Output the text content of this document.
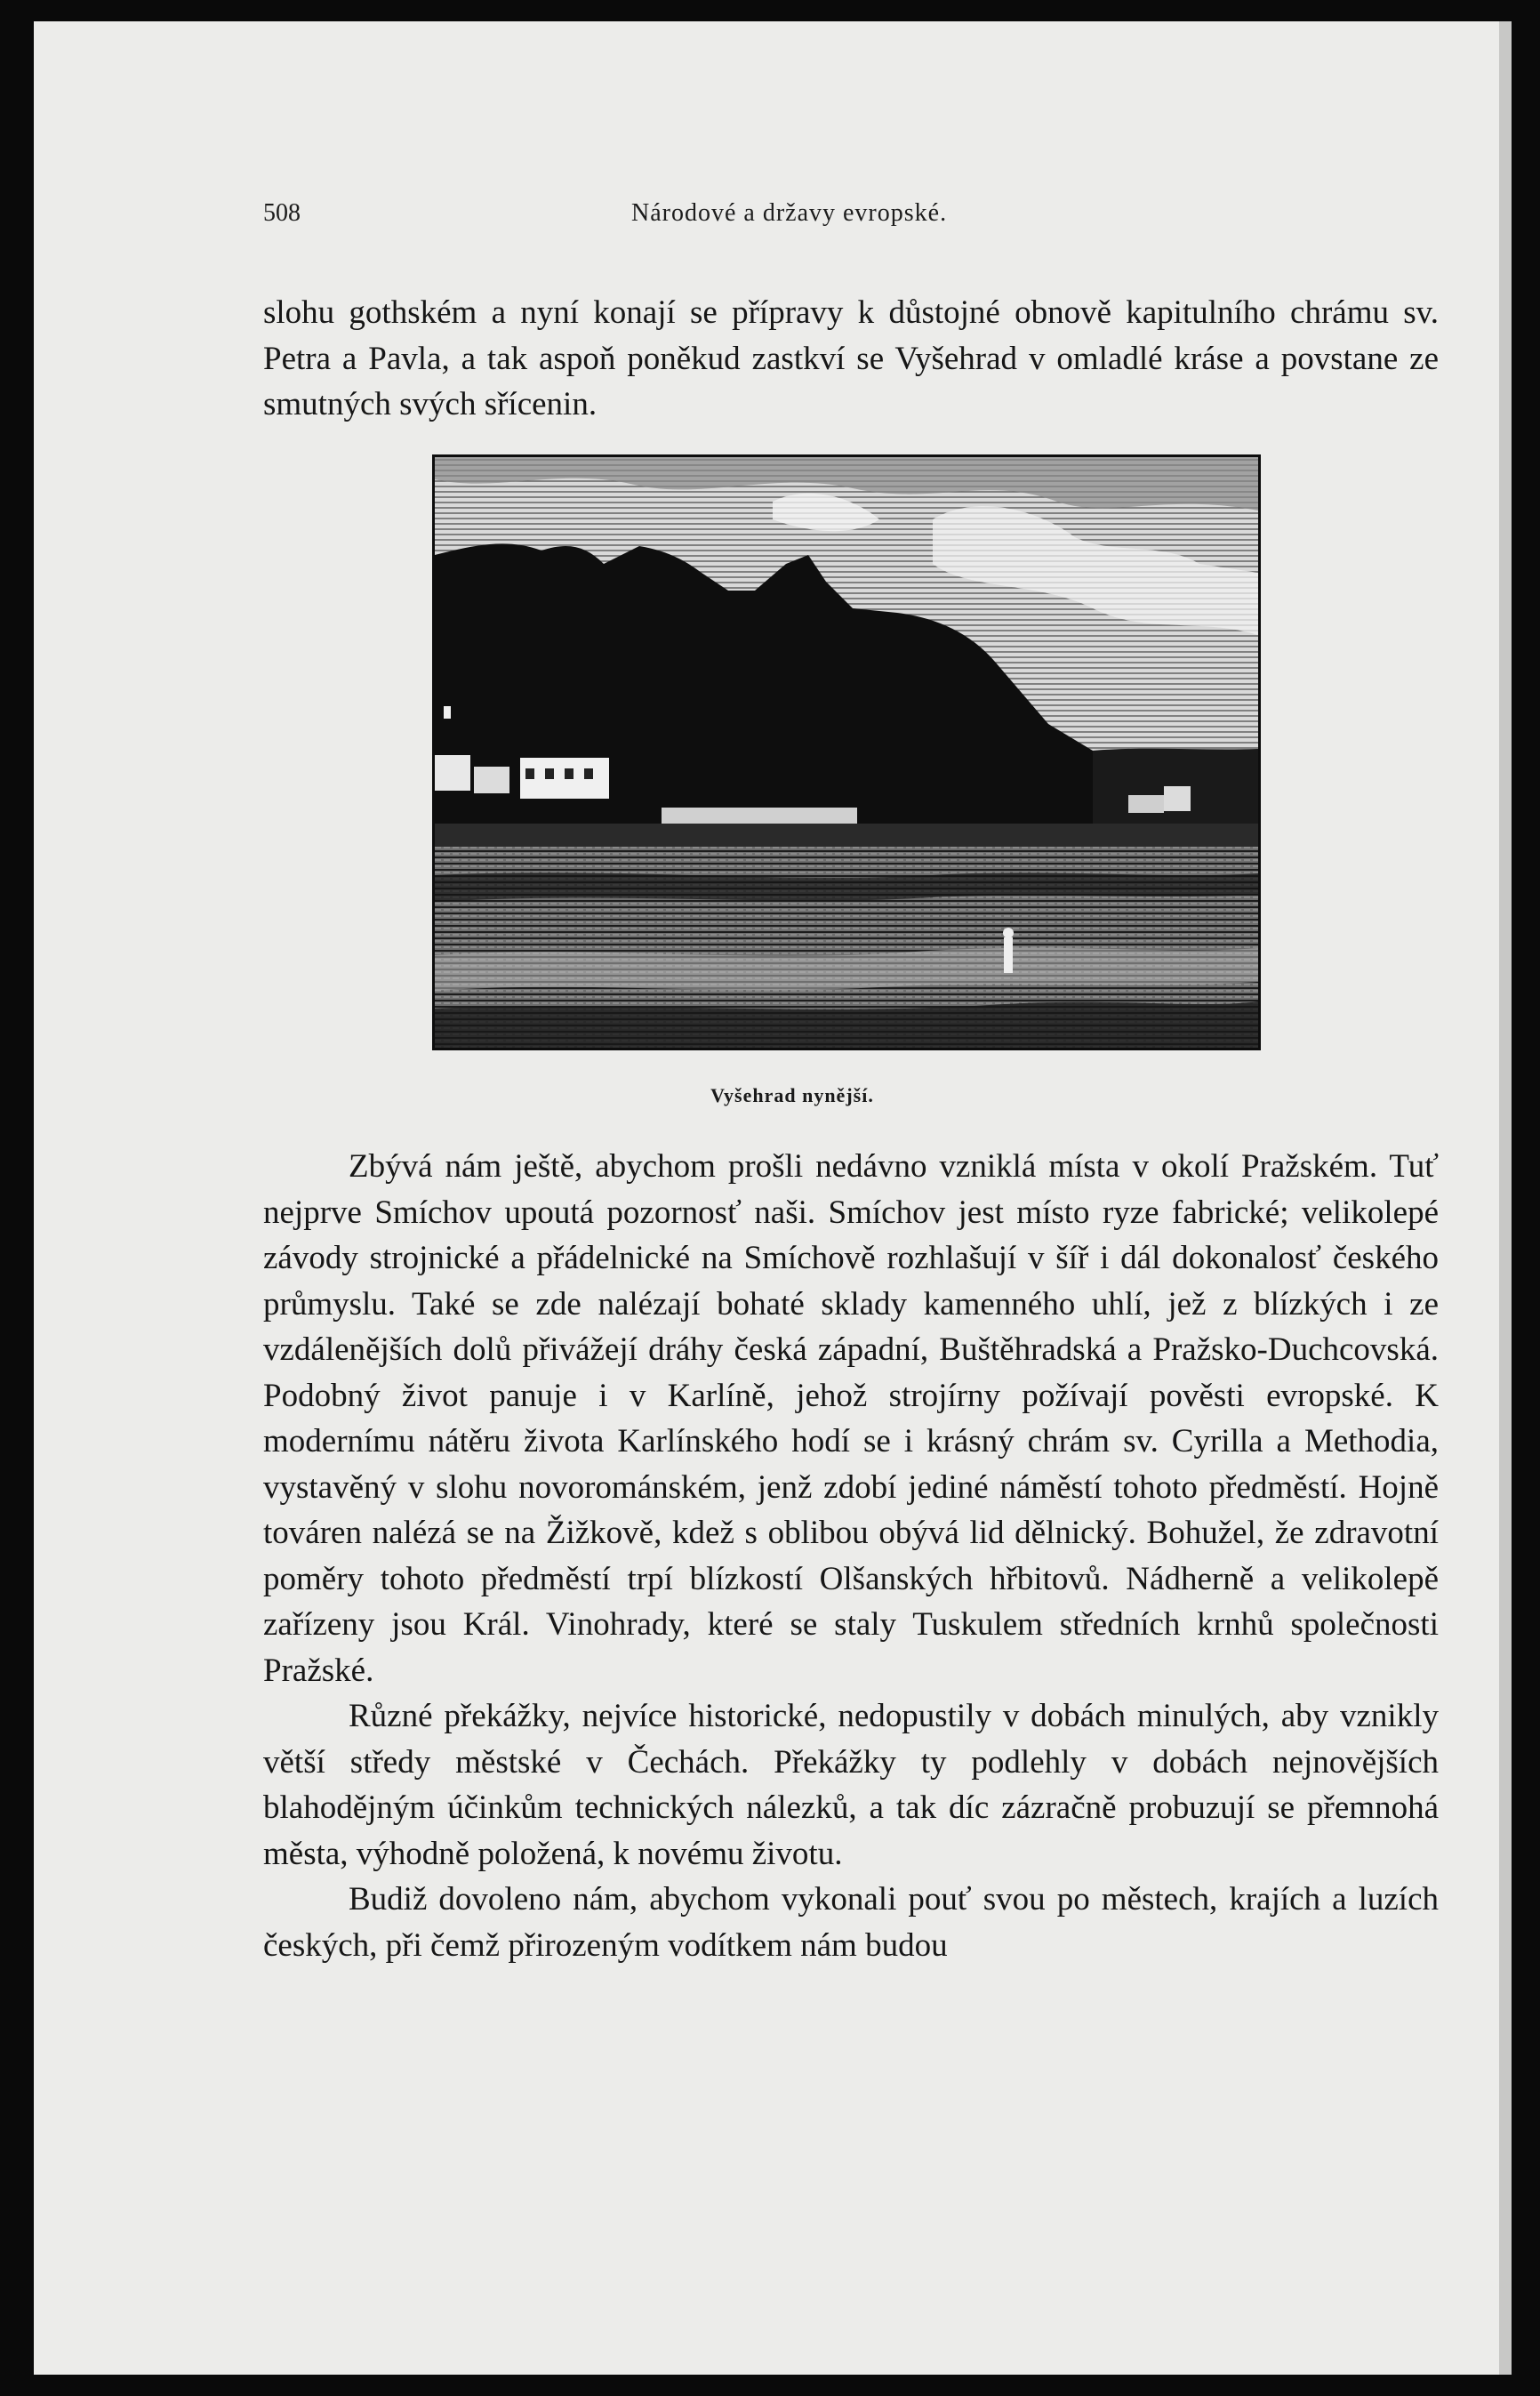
508	Národové a državy evropské.

slohu gothském a nyní konají se přípravy k důstojné obnově kapitulního chrámu sv. Petra a Pavla, a tak aspoň poněkud zastkví se Vyšehrad v omladlé kráse a povstane ze smutných svých sřícenin.

Vyšehrad nynější.

Zbývá nám ještě, abychom prošli nedávno vzniklá místa v okolí Pražském. Tuť nejprve Smíchov upoutá pozornosť naši. Smíchov jest místo ryze fabrické; velikolepé závody strojnické a přádelnické na Smíchově rozhlašují v šíř i dál dokonalosť českého průmyslu. Také se zde nalézají bohaté sklady kamenného uhlí, jež z blízkých i ze vzdálenějších dolů přivážejí dráhy česká západní, Buštěhradská a Pražsko-Duchcovská. Podobný život panuje i v Karlíně, jehož strojírny požívají pověsti evropské. K modernímu nátěru života Karlínského hodí se i krásný chrám sv. Cyrilla a Methodia, vystavěný v slohu novorománském, jenž zdobí jediné náměstí tohoto předměstí. Hojně továren nalézá se na Žižkově, kdež s oblibou obývá lid dělnický. Bohužel, že zdravotní poměry tohoto předměstí trpí blízkostí Olšanských hřbitovů. Nádherně a velikolepě zařízeny jsou Král. Vinohrady, které se staly Tuskulem středních krnhů společnosti Pražské.

Různé překážky, nejvíce historické, nedopustily v dobách minulých, aby vznikly větší středy městské v Čechách. Překážky ty podlehly v dobách nejnovějších blahodějným účinkům technických nálezků, a tak díc zázračně probuzují se přemnohá města, výhodně položená, k novému životu.

Budiž dovoleno nám, abychom vykonali pouť svou po městech, krajích a luzích českých, při čemž přirozeným vodítkem nám budou
